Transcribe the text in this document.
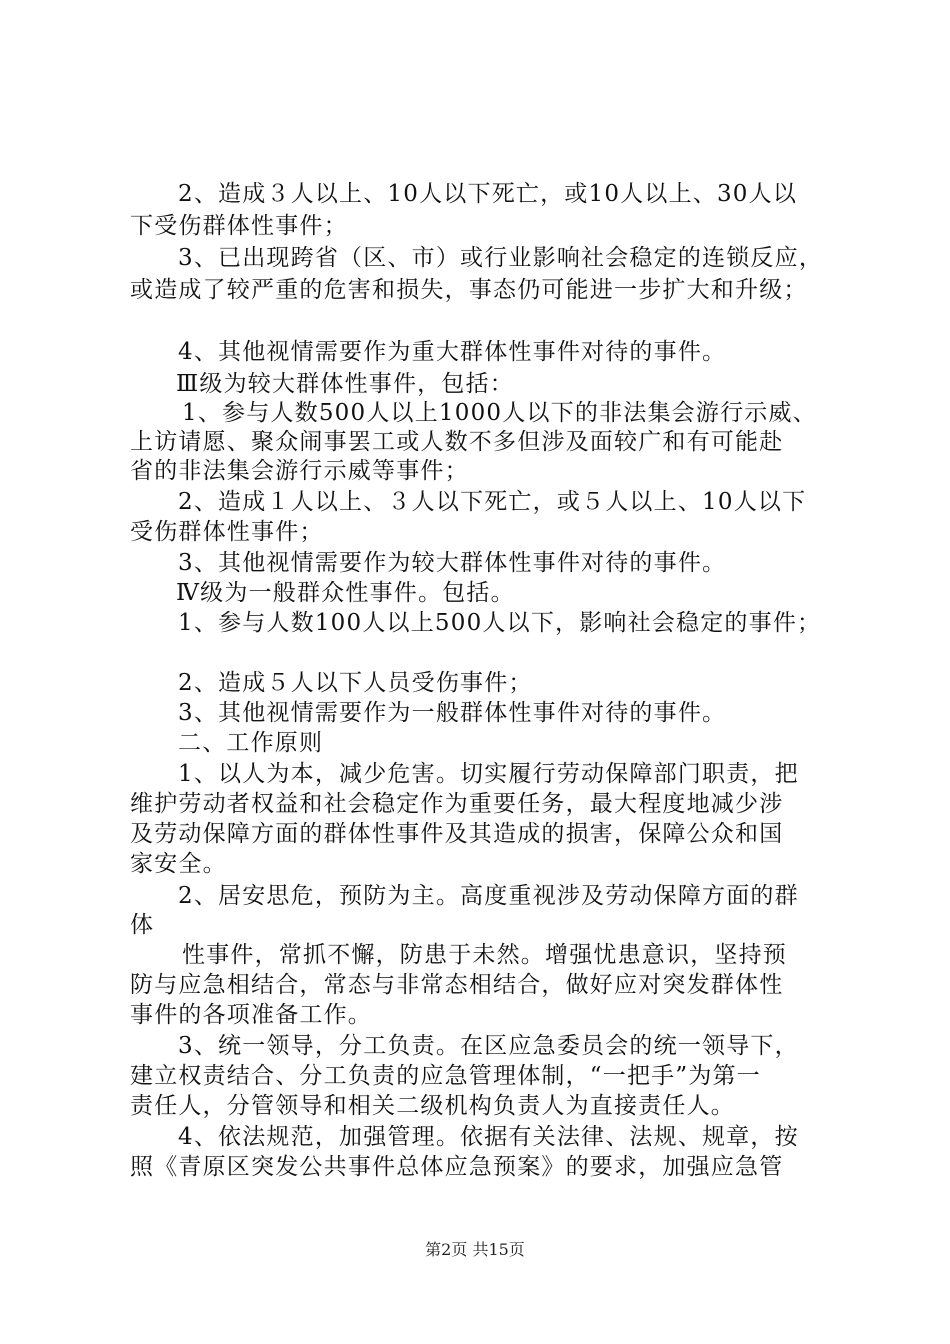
2、造成３人以上、10人以下死亡，或10人以上、30人以
下受伤群体性事件；
3、已出现跨省（区、市）或行业影响社会稳定的连锁反应，
或造成了较严重的危害和损失，事态仍可能进一步扩大和升级；
4、其他视情需要作为重大群体性事件对待的事件。
Ⅲ级为较大群体性事件，包括：
1、参与人数500人以上1000人以下的非法集会游行示威、
上访请愿、聚众闹事罢工或人数不多但涉及面较广和有可能赴
省的非法集会游行示威等事件；
2、造成１人以上、３人以下死亡，或５人以上、10人以下
受伤群体性事件；
3、其他视情需要作为较大群体性事件对待的事件。
Ⅳ级为一般群众性事件。包括。
1、参与人数100人以上500人以下，影响社会稳定的事件；
2、造成５人以下人员受伤事件；
3、其他视情需要作为一般群体性事件对待的事件。
二、工作原则
1、以人为本，减少危害。切实履行劳动保障部门职责，把
维护劳动者权益和社会稳定作为重要任务，最大程度地减少涉
及劳动保障方面的群体性事件及其造成的损害，保障公众和国
家安全。
2、居安思危，预防为主。高度重视涉及劳动保障方面的群
体
性事件，常抓不懈，防患于未然。增强忧患意识，坚持预
防与应急相结合，常态与非常态相结合，做好应对突发群体性
事件的各项准备工作。
3、统一领导，分工负责。在区应急委员会的统一领导下，
建立权责结合、分工负责的应急管理体制，“一把手”为第一
责任人，分管领导和相关二级机构负责人为直接责任人。
4、依法规范，加强管理。依据有关法律、法规、规章，按
照《青原区突发公共事件总体应急预案》的要求，加强应急管
第2页 共15页
